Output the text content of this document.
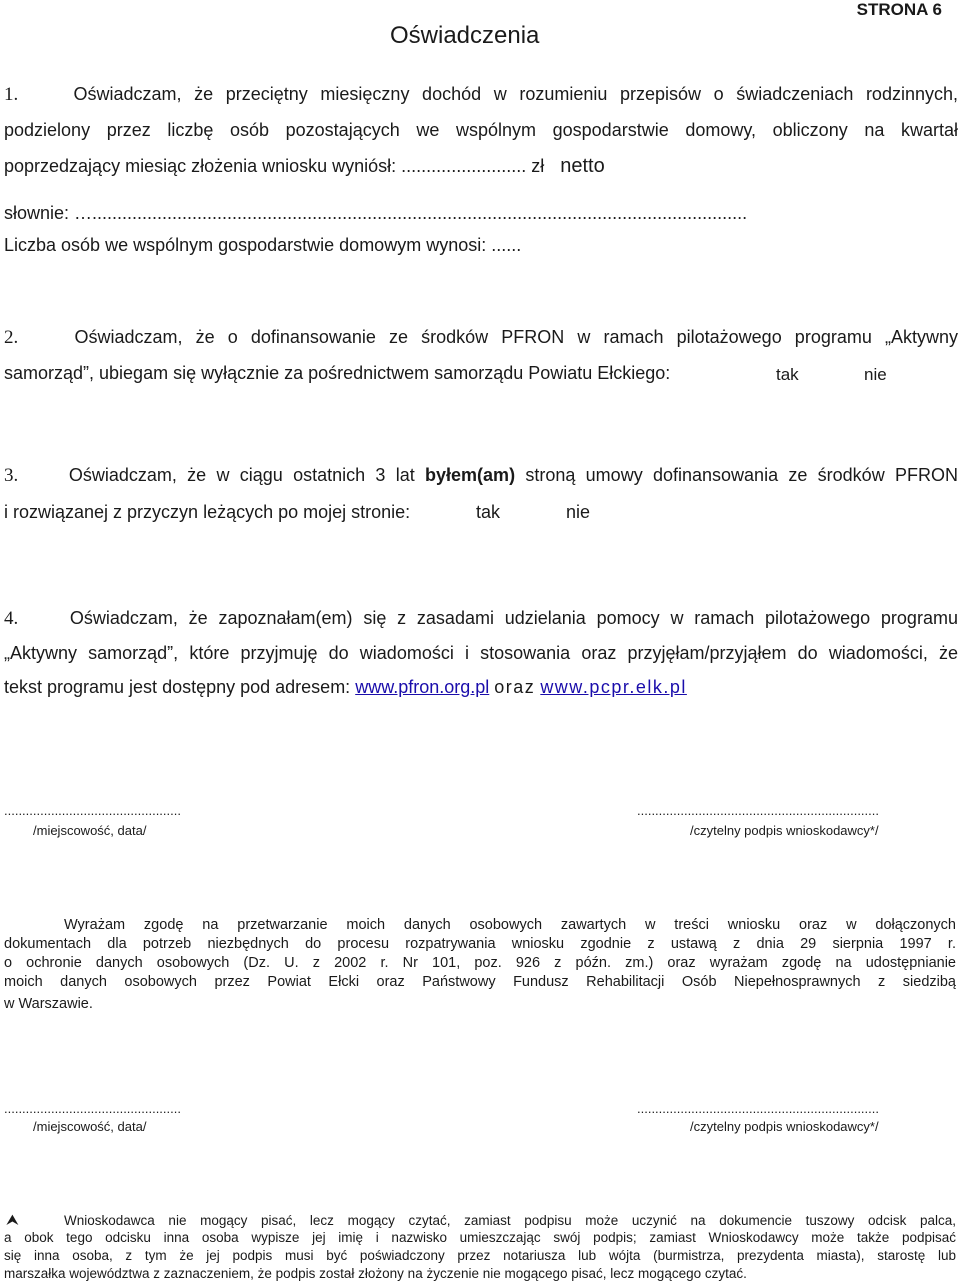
STRONA 6
Oświadczenia
1.	Oświadczam, że przeciętny miesięczny dochód w rozumieniu przepisów o świadczeniach rodzinnych,
podzielony przez liczbę osób pozostających we wspólnym gospodarstwie domowy, obliczony na kwartał
poprzedzający miesiąc złożenia wniosku wyniósł: ......................... zł netto
słownie: …...................................................................................................................................
Liczba osób we wspólnym gospodarstwie domowym wynosi: ......
2.	Oświadczam, że o dofinansowanie ze środków PFRON w ramach pilotażowego programu „Aktywny
samorząd”, ubiegam się wyłącznie za pośrednictwem samorządu Powiatu Ełckiego:	tak	nie
3.	Oświadczam, że w ciągu ostatnich 3 lat byłem(am) stroną umowy dofinansowania ze środków PFRON
i rozwiązanej z przyczyn leżących po mojej stronie:	tak	nie
4.	Oświadczam, że zapoznałam(em) się z zasadami udzielania pomocy w ramach pilotażowego programu
„Aktywny samorząd”, które przyjmuję do wiadomości i stosowania oraz przyjęłam/przyjąłem do wiadomości, że
tekst programu jest dostępny pod adresem: www.pfron.org.pl oraz www.pcpr.elk.pl
.................................................	...................................................................
/miejscowość, data/	/czytelny podpis wnioskodawcy*/
Wyrażam zgodę na przetwarzanie moich danych osobowych zawartych w treści wniosku oraz w dołączonych
dokumentach dla potrzeb niezbędnych do procesu rozpatrywania wniosku zgodnie z ustawą z dnia 29 sierpnia 1997 r.
o ochronie danych osobowych (Dz. U. z 2002 r. Nr 101, poz. 926 z późn. zm.) oraz wyrażam zgodę na udostępnianie
moich danych osobowych przez Powiat Ełcki oraz Państwowy Fundusz Rehabilitacji Osób Niepełnosprawnych z siedzibą
w Warszawie.
.................................................	...................................................................
/miejscowość, data/	/czytelny podpis wnioskodawcy*/
⮝	Wnioskodawca nie mogący pisać, lecz mogący czytać, zamiast podpisu może uczynić na dokumencie tuszowy odcisk palca,
a obok tego odcisku inna osoba wypisze jej imię i nazwisko umieszczając swój podpis; zamiast Wnioskodawcy może także podpisać
się inna osoba, z tym że jej podpis musi być poświadczony przez notariusza lub wójta (burmistrza, prezydenta miasta), starostę lub
marszałka województwa z zaznaczeniem, że podpis został złożony na życzenie nie mogącego pisać, lecz mogącego czytać.
